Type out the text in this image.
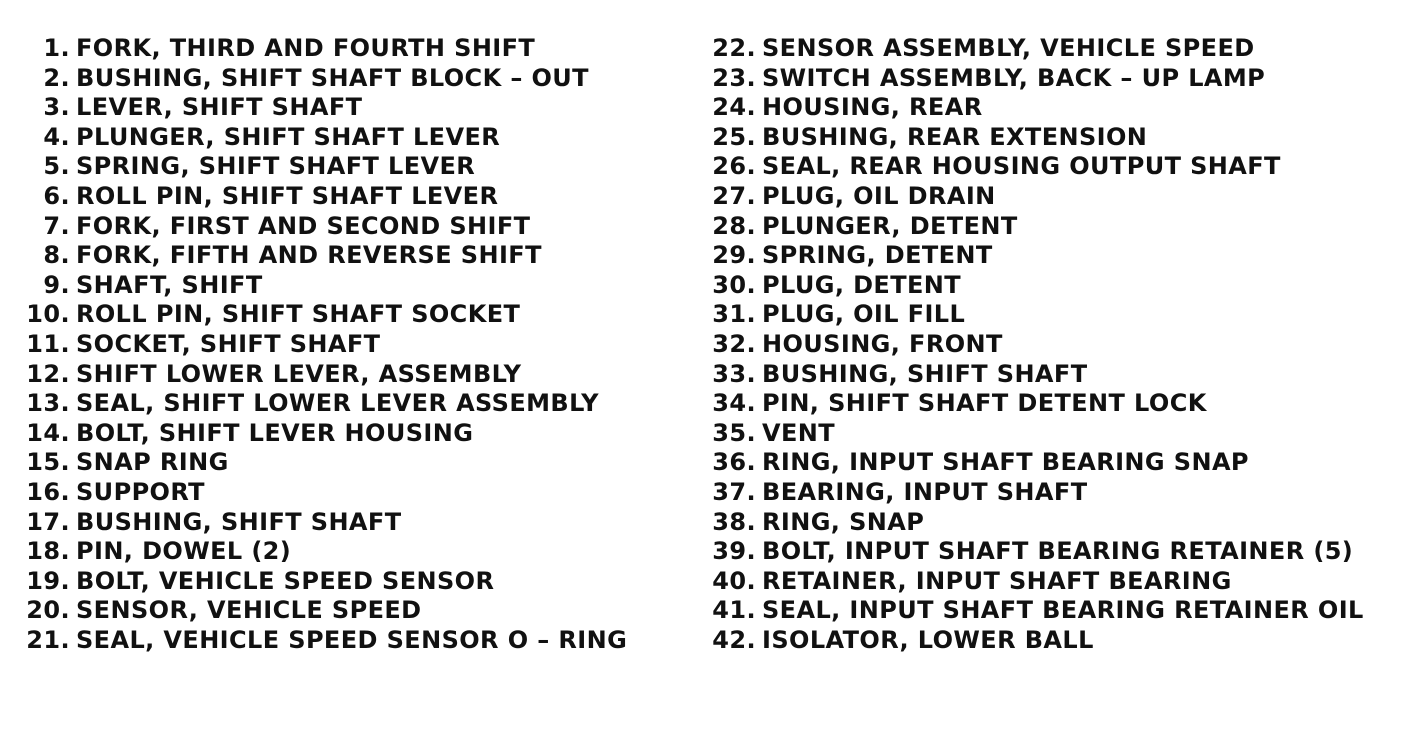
1. FORK, THIRD AND FOURTH SHIFT
2. BUSHING, SHIFT SHAFT BLOCK – OUT
3. LEVER, SHIFT SHAFT
4. PLUNGER, SHIFT SHAFT LEVER
5. SPRING, SHIFT SHAFT LEVER
6. ROLL PIN, SHIFT SHAFT LEVER
7. FORK, FIRST AND SECOND SHIFT
8. FORK, FIFTH AND REVERSE SHIFT
9. SHAFT, SHIFT
10. ROLL PIN, SHIFT SHAFT SOCKET
11. SOCKET, SHIFT SHAFT
12. SHIFT LOWER LEVER, ASSEMBLY
13. SEAL, SHIFT LOWER LEVER ASSEMBLY
14. BOLT, SHIFT LEVER HOUSING
15. SNAP RING
16. SUPPORT
17. BUSHING, SHIFT SHAFT
18. PIN, DOWEL (2)
19. BOLT, VEHICLE SPEED SENSOR
20. SENSOR, VEHICLE SPEED
21. SEAL, VEHICLE SPEED SENSOR O – RING
22. SENSOR ASSEMBLY, VEHICLE SPEED
23. SWITCH ASSEMBLY, BACK – UP LAMP
24. HOUSING, REAR
25. BUSHING, REAR EXTENSION
26. SEAL, REAR HOUSING OUTPUT SHAFT
27. PLUG, OIL DRAIN
28. PLUNGER, DETENT
29. SPRING, DETENT
30. PLUG, DETENT
31. PLUG, OIL FILL
32. HOUSING, FRONT
33. BUSHING, SHIFT SHAFT
34. PIN, SHIFT SHAFT DETENT LOCK
35. VENT
36. RING, INPUT SHAFT BEARING SNAP
37. BEARING, INPUT SHAFT
38. RING, SNAP
39. BOLT, INPUT SHAFT BEARING RETAINER (5)
40. RETAINER, INPUT SHAFT BEARING
41. SEAL, INPUT SHAFT BEARING RETAINER OIL
42. ISOLATOR, LOWER BALL
